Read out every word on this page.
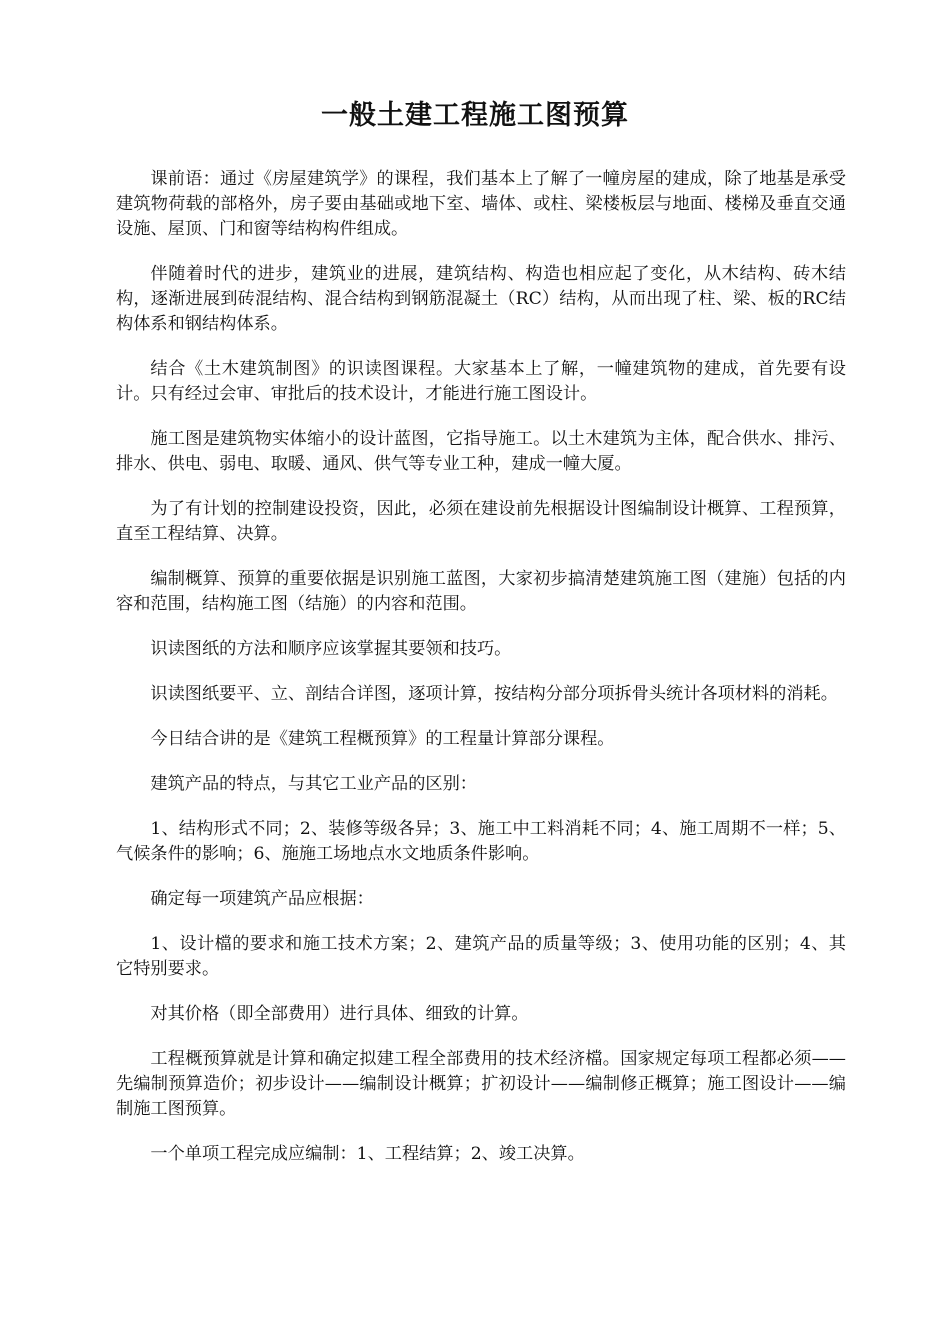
一般土建工程施工图预算

课前语：通过《房屋建筑学》的课程，我们基本上了解了一幢房屋的建成，除了地基是承受建筑物荷载的部格外，房子要由基础或地下室、墙体、或柱、梁楼板层与地面、楼梯及垂直交通设施、屋顶、门和窗等结构构件组成。

伴随着时代的进步，建筑业的进展，建筑结构、构造也相应起了变化，从木结构、砖木结构，逐渐进展到砖混结构、混合结构到钢筋混凝土（RC）结构，从而出现了柱、梁、板的RC结构体系和钢结构体系。

结合《土木建筑制图》的识读图课程。大家基本上了解，一幢建筑物的建成，首先要有设计。只有经过会审、审批后的技术设计，才能进行施工图设计。

施工图是建筑物实体缩小的设计蓝图，它指导施工。以土木建筑为主体，配合供水、排污、排水、供电、弱电、取暖、通风、供气等专业工种，建成一幢大厦。

为了有计划的控制建设投资，因此，必须在建设前先根据设计图编制设计概算、工程预算，直至工程结算、决算。

编制概算、预算的重要依据是识别施工蓝图，大家初步搞清楚建筑施工图（建施）包括的内容和范围，结构施工图（结施）的内容和范围。

识读图纸的方法和顺序应该掌握其要领和技巧。

识读图纸要平、立、剖结合详图，逐项计算，按结构分部分项拆骨头统计各项材料的消耗。

今日结合讲的是《建筑工程概预算》的工程量计算部分课程。

建筑产品的特点，与其它工业产品的区别：

1、结构形式不同；2、装修等级各异；3、施工中工料消耗不同；4、施工周期不一样；5、气候条件的影响；6、施施工场地点水文地质条件影响。

确定每一项建筑产品应根据：

1、设计檔的要求和施工技术方案；2、建筑产品的质量等级；3、使用功能的区别；4、其它特别要求。

对其价格（即全部费用）进行具体、细致的计算。

工程概预算就是计算和确定拟建工程全部费用的技术经济檔。国家规定每项工程都必须——先编制预算造价；初步设计——编制设计概算；扩初设计——编制修正概算；施工图设计——编制施工图预算。

一个单项工程完成应编制：1、工程结算；2、竣工决算。
